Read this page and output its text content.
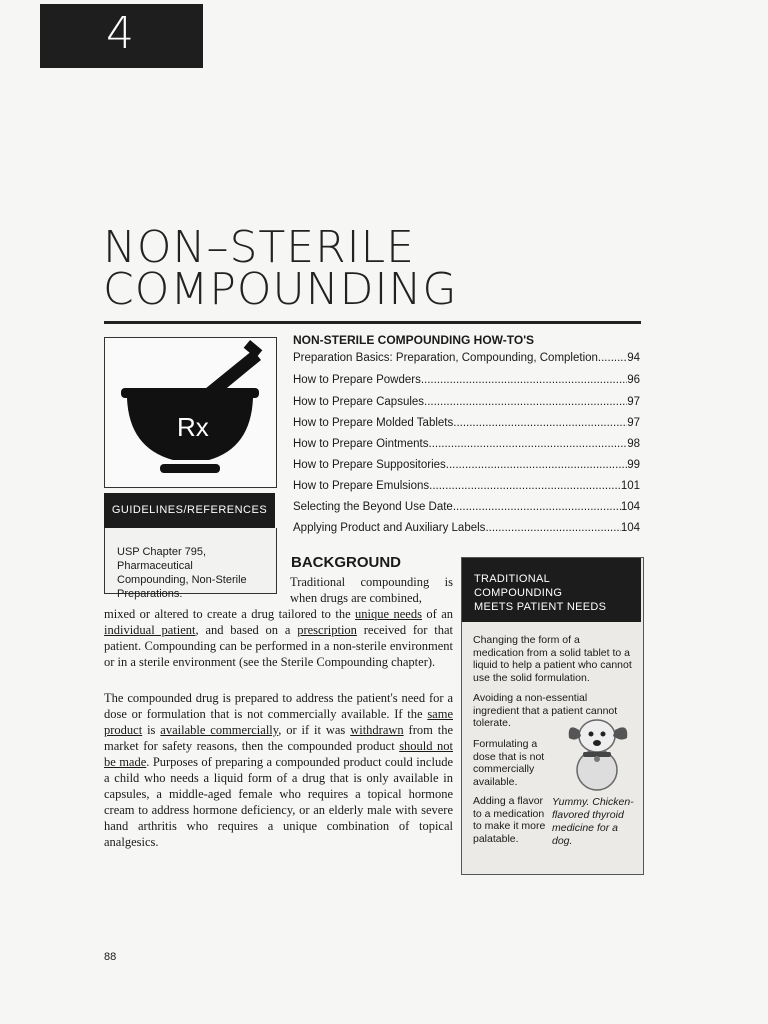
4
NON–STERILE
COMPOUNDING
Rx
GUIDELINES/REFERENCES
USP Chapter 795, Pharmaceutical Compounding, Non-Sterile Preparations.
NON-STERILE COMPOUNDING HOW-TO'S
Preparation Basics: Preparation, Compounding, Completion .....	94
How to Prepare Powders .....	96
How to Prepare Capsules .....	97
How to Prepare Molded Tablets .....	97
How to Prepare Ointments .....	98
How to Prepare Suppositories .....	99
How to Prepare Emulsions .....	101
Selecting the Beyond Use Date .....	104
Applying Product and Auxiliary Labels .....	104
BACKGROUND
Traditional compounding is when drugs are combined,
mixed or altered to create a drug tailored to the unique needs of an individual patient, and based on a prescription received for that patient. Compounding can be performed in a non-sterile environment or in a sterile environment (see the Sterile Compounding chapter).
The compounded drug is prepared to address the patient's need for a dose or formulation that is not commercially available. If the same product is available commercially, or if it was withdrawn from the market for safety reasons, then the compounded product should not be made. Purposes of preparing a compounded product could include a child who needs a liquid form of a drug that is only available in capsules, a middle-aged female who requires a topical hormone cream to address hormone deficiency, or an elderly male with severe hand arthritis who requires a unique combination of topical analgesics.
TRADITIONAL COMPOUNDING
MEETS PATIENT NEEDS
Changing the form of a medication from a solid tablet to a liquid to help a patient who cannot use the solid formulation.
Avoiding a non-essential ingredient that a patient cannot tolerate.
Formulating a dose that is not commercially available.
Adding a flavor to a medication to make it more palatable.
Yummy. Chicken-flavored thyroid medicine for a dog.
88
